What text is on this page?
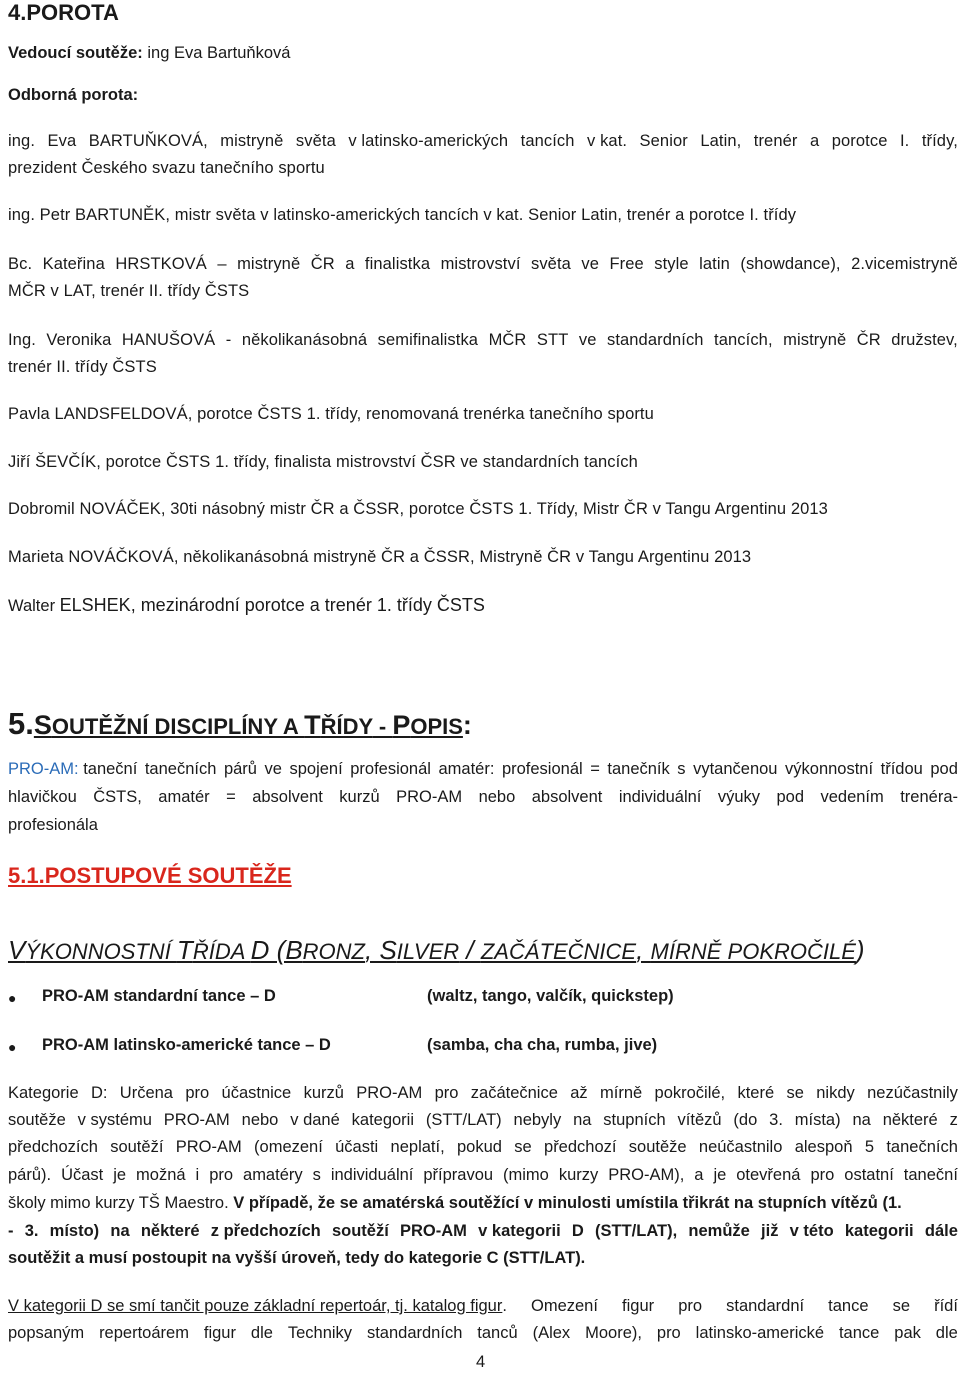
4.POROTA
Vedoucí soutěže: ing Eva Bartuňková
Odborná porota:
ing. Eva BARTUŇKOVÁ, mistryně světa v latinsko-amerických tancích v kat. Senior Latin, trenér a porotce I. třídy,
prezident Českého svazu tanečního sportu
ing. Petr BARTUNĚK, mistr světa v latinsko-amerických tancích v kat. Senior Latin, trenér a porotce I. třídy
Bc. Kateřina HRSTKOVÁ – mistryně ČR a finalistka mistrovství světa ve Free style latin (showdance), 2.vicemistryně
MČR v LAT, trenér II. třídy ČSTS
Ing. Veronika HANUŠOVÁ - několikanásobná semifinalistka MČR STT ve standardních tancích, mistryně ČR družstev,
trenér II. třídy ČSTS
Pavla LANDSFELDOVÁ, porotce ČSTS 1. třídy, renomovaná trenérka tanečního sportu
Jiří ŠEVČÍK, porotce ČSTS 1. třídy, finalista mistrovství ČSR ve standardních tancích
Dobromil NOVÁČEK, 30ti násobný mistr ČR a ČSSR, porotce ČSTS 1. Třídy, Mistr ČR v Tangu Argentinu 2013
Marieta NOVÁČKOVÁ, několikanásobná mistryně ČR a ČSSR, Mistryně ČR v Tangu Argentinu 2013
Walter ELSHEK, mezinárodní porotce a trenér 1. třídy ČSTS
5.SOUTĚŽNÍ DISCIPLÍNY A TŘÍDY - POPIS:
PRO-AM: taneční tanečních párů ve spojení profesionál amatér: profesionál = tanečník s vytančenou výkonnostní třídou pod
hlavičkou ČSTS, amatér = absolvent kurzů PRO-AM nebo absolvent individuální výuky pod vedením trenéra-
profesionála
5.1.POSTUPOVÉ SOUTĚŽE
VÝKONNOSTNÍ TŘÍDA D (BRONZ, SILVER / ZAČÁTEČNICE, MÍRNĚ POKROČILÉ)
● PRO-AM standardní tance – D	(waltz, tango, valčík, quickstep)
● PRO-AM latinsko-americké tance – D	(samba, cha cha, rumba, jive)
Kategorie D: Určena pro účastnice kurzů PRO-AM pro začátečnice až mírně pokročilé, které se nikdy nezúčastnily
soutěže v systému PRO-AM nebo v dané kategorii (STT/LAT) nebyly na stupních vítězů (do 3. místa) na některé z
předchozích soutěží PRO-AM (omezení účasti neplatí, pokud se předchozí soutěže neúčastnilo alespoň 5 tanečních
párů). Účast je možná i pro amatéry s individuální přípravou (mimo kurzy PRO-AM), a je otevřená pro ostatní taneční
školy mimo kurzy TŠ Maestro. V případě, že se amatérská soutěžící v minulosti umístila třikrát na stupních vítězů (1.
- 3. místo) na některé z předchozích soutěží PRO-AM v kategorii D (STT/LAT), nemůže již v této kategorii dále
soutěžit a musí postoupit na vyšší úroveň, tedy do kategorie C (STT/LAT).
V kategorii D se smí tančit pouze základní repertoár, tj. katalog figur. Omezení figur pro standardní tance se řídí
popsaným repertoárem figur dle Techniky standardních tanců (Alex Moore), pro latinsko-americké tance pak dle
4
